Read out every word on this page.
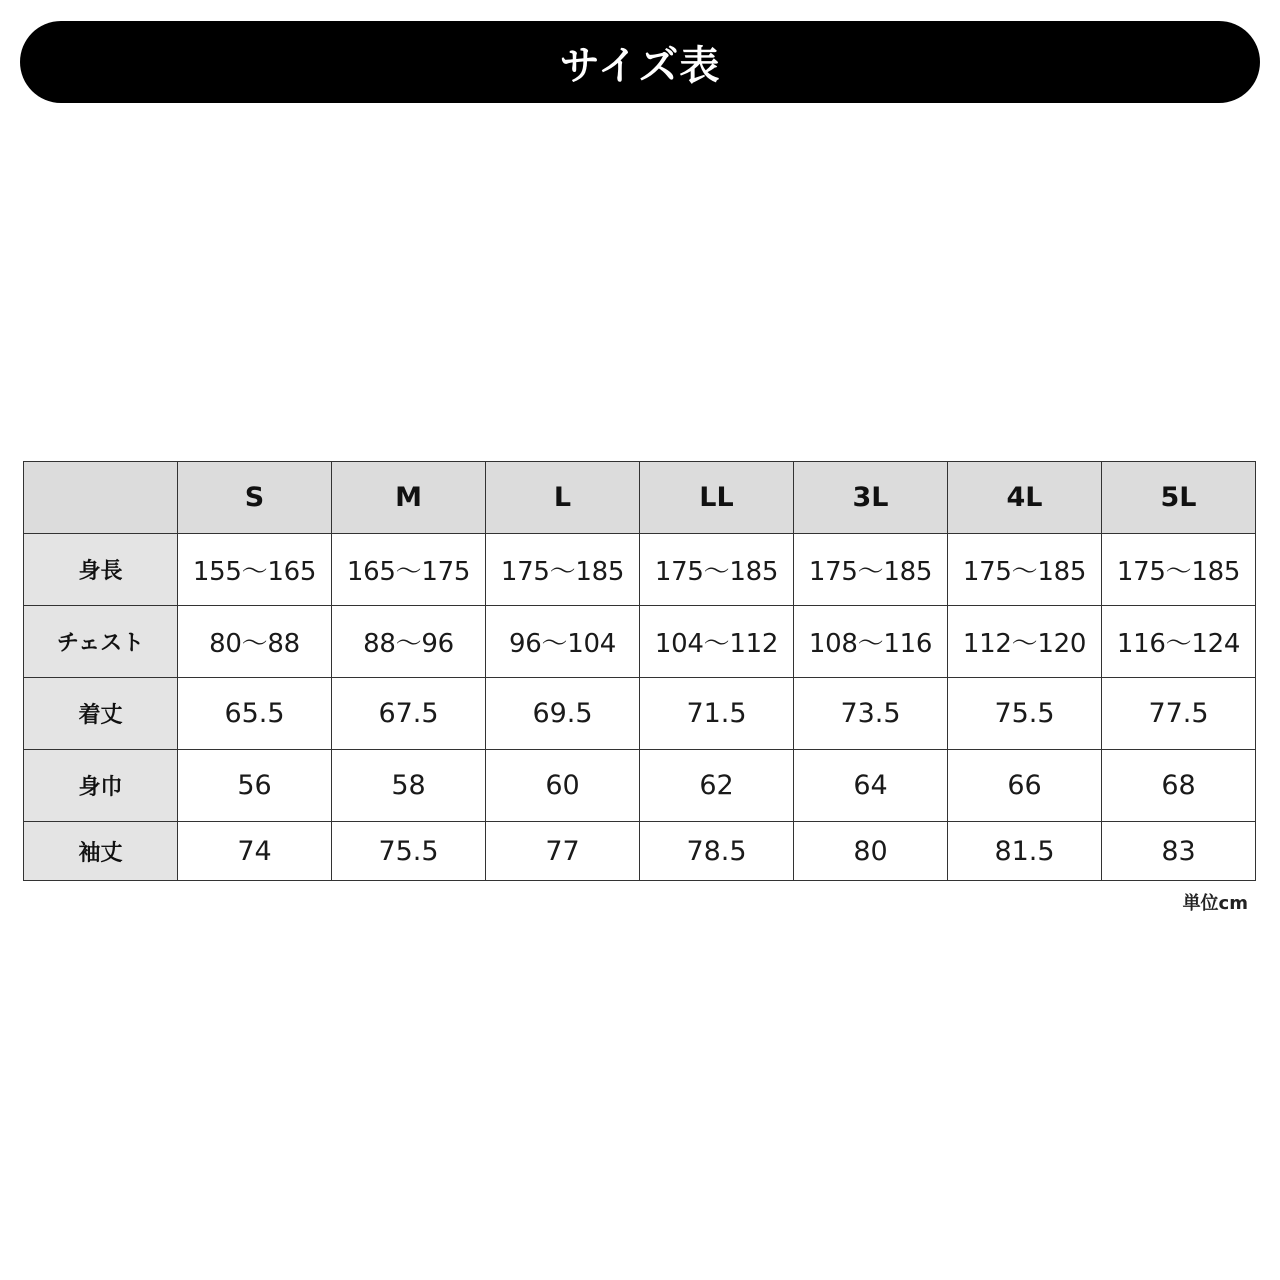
サイズ表
	S	M	L	LL	3L	4L	5L
身長	155〜165	165〜175	175〜185	175〜185	175〜185	175〜185	175〜185
チェスト	80〜88	88〜96	96〜104	104〜112	108〜116	112〜120	116〜124
着丈	65.5	67.5	69.5	71.5	73.5	75.5	77.5
身巾	56	58	60	62	64	66	68
袖丈	74	75.5	77	78.5	80	81.5	83
単位cm
